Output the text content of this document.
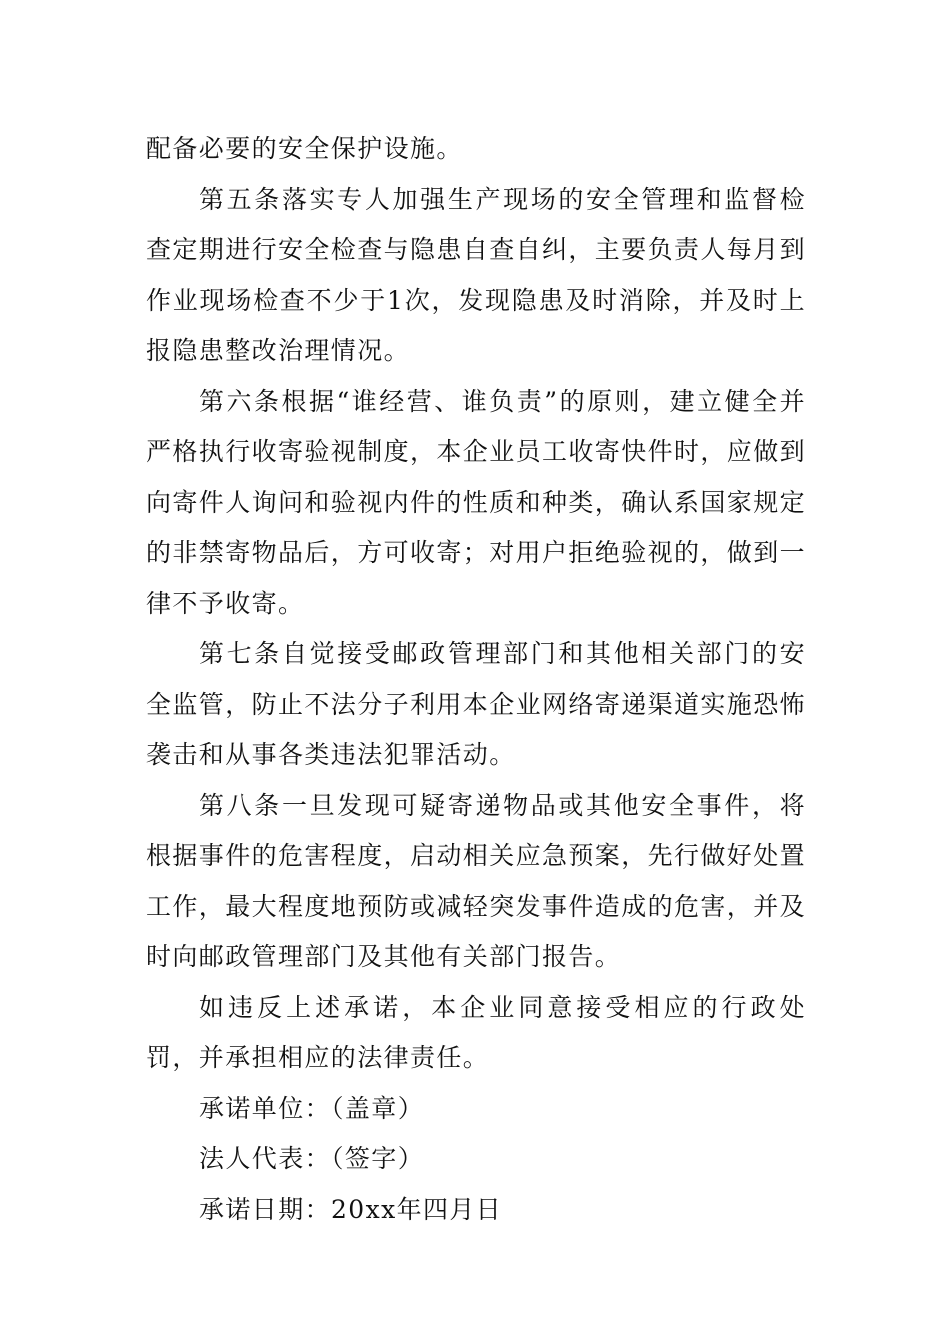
配备必要的安全保护设施。

第五条落实专人加强生产现场的安全管理和监督检查定期进行安全检查与隐患自查自纠，主要负责人每月到作业现场检查不少于1次，发现隐患及时消除，并及时上报隐患整改治理情况。

第六条根据“谁经营、谁负责”的原则，建立健全并严格执行收寄验视制度，本企业员工收寄快件时，应做到向寄件人询问和验视内件的性质和种类，确认系国家规定的非禁寄物品后，方可收寄；对用户拒绝验视的，做到一律不予收寄。

第七条自觉接受邮政管理部门和其他相关部门的安全监管，防止不法分子利用本企业网络寄递渠道实施恐怖袭击和从事各类违法犯罪活动。

第八条一旦发现可疑寄递物品或其他安全事件，将根据事件的危害程度，启动相关应急预案，先行做好处置工作，最大程度地预防或减轻突发事件造成的危害，并及时向邮政管理部门及其他有关部门报告。

如违反上述承诺，本企业同意接受相应的行政处罚，并承担相应的法律责任。

承诺单位：（盖章）

法人代表：（签字）

承诺日期：20xx年四月日
